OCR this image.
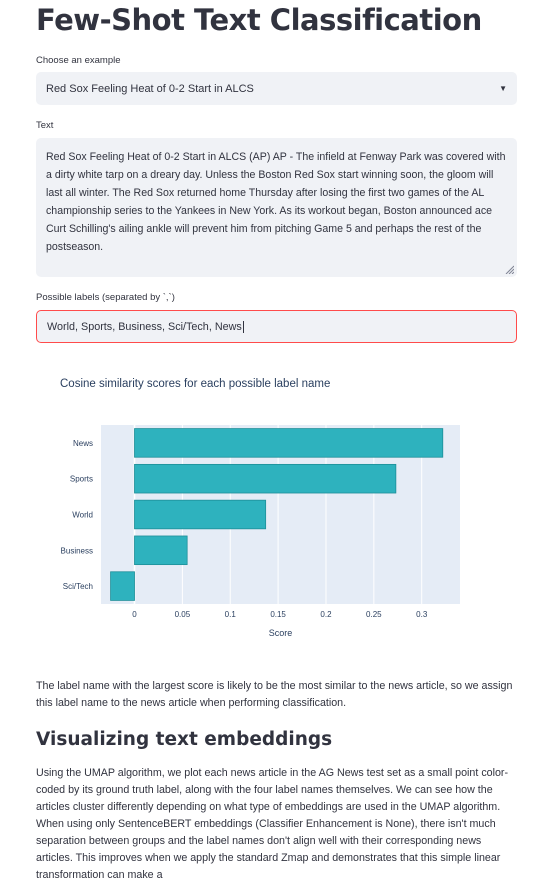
Few-Shot Text Classification
Choose an example
Red Sox Feeling Heat of 0-2 Start in ALCS	▼
Text
Red Sox Feeling Heat of 0-2 Start in ALCS (AP) AP - The infield at Fenway Park was covered with a dirty white tarp on a dreary day. Unless the Boston Red Sox start winning soon, the gloom will last all winter. The Red Sox returned home Thursday after losing the first two games of the AL championship series to the Yankees in New York. As its workout began, Boston announced ace Curt Schilling's ailing ankle will prevent him from pitching Game 5 and perhaps the rest of the postseason.
Possible labels (separated by `,`)
World, Sports, Business, Sci/Tech, News
Cosine similarity scores for each possible label name
News
Sports
World
Business
Sci/Tech
0	0.05	0.1	0.15	0.2	0.25	0.3
Score
The label name with the largest score is likely to be the most similar to the news article, so we assign this label name to the news article when performing classification.
Visualizing text embeddings
Using the UMAP algorithm, we plot each news article in the AG News test set as a small point color-coded by its ground truth label, along with the four label names themselves. We can see how the articles cluster differently depending on what type of embeddings are used in the UMAP algorithm. When using only SentenceBERT embeddings (Classifier Enhancement is None), there isn't much separation between groups and the label names don't align well with their corresponding news articles. This improves when we apply the standard Zmap and demonstrates that this simple linear transformation can make a
